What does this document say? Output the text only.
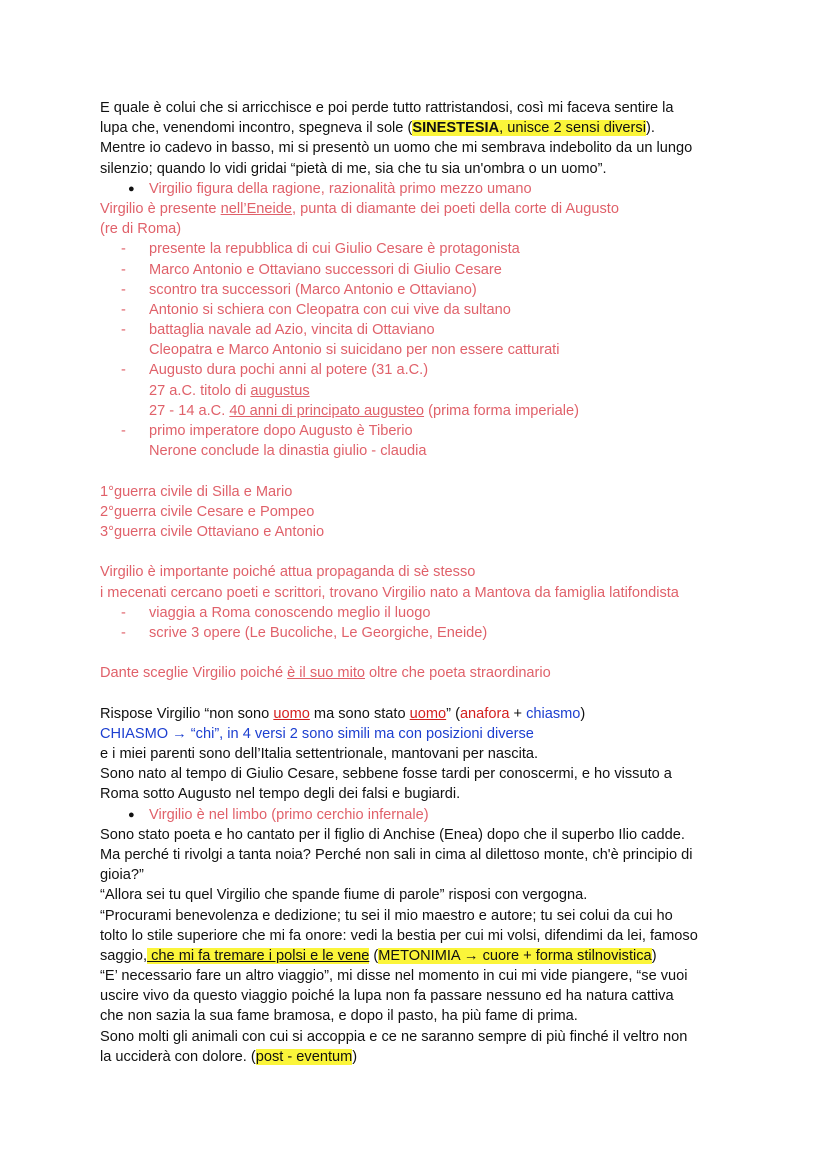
E quale è colui che si arricchisce e poi perde tutto rattristandosi, così mi faceva sentire la
lupa che, venendomi incontro, spegneva il sole (SINESTESIA, unisce 2 sensi diversi).
Mentre io cadevo in basso, mi si presentò un uomo che mi sembrava indebolito da un lungo
silenzio; quando lo vidi gridai “pietà di me, sia che tu sia un'ombra o un uomo”.
● Virgilio figura della ragione, razionalità primo mezzo umano
Virgilio è presente nell’Eneide, punta di diamante dei poeti della corte di Augusto
(re di Roma)
- presente la repubblica di cui Giulio Cesare è protagonista
- Marco Antonio e Ottaviano successori di Giulio Cesare
- scontro tra successori (Marco Antonio e Ottaviano)
- Antonio si schiera con Cleopatra con cui vive da sultano
- battaglia navale ad Azio, vincita di Ottaviano
Cleopatra e Marco Antonio si suicidano per non essere catturati
- Augusto dura pochi anni al potere (31 a.C.)
27 a.C. titolo di augustus
27 - 14 a.C. 40 anni di principato augusteo (prima forma imperiale)
- primo imperatore dopo Augusto è Tiberio
Nerone conclude la dinastia giulio - claudia
1°guerra civile di Silla e Mario
2°guerra civile Cesare e Pompeo
3°guerra civile Ottaviano e Antonio
Virgilio è importante poiché attua propaganda di sè stesso
i mecenati cercano poeti e scrittori, trovano Virgilio nato a Mantova da famiglia latifondista
- viaggia a Roma conoscendo meglio il luogo
- scrive 3 opere (Le Bucoliche, Le Georgiche, Eneide)
Dante sceglie Virgilio poiché è il suo mito oltre che poeta straordinario
Rispose Virgilio “non sono uomo ma sono stato uomo” (anafora + chiasmo)
CHIASMO → “chi”, in 4 versi 2 sono simili ma con posizioni diverse
e i miei parenti sono dell’Italia settentrionale, mantovani per nascita.
Sono nato al tempo di Giulio Cesare, sebbene fosse tardi per conoscermi, e ho vissuto a
Roma sotto Augusto nel tempo degli dei falsi e bugiardi.
● Virgilio è nel limbo (primo cerchio infernale)
Sono stato poeta e ho cantato per il figlio di Anchise (Enea) dopo che il superbo Ilio cadde.
Ma perché ti rivolgi a tanta noia? Perché non sali in cima al dilettoso monte, ch'è principio di
gioia?”
“Allora sei tu quel Virgilio che spande fiume di parole” risposi con vergogna.
“Procurami benevolenza e dedizione; tu sei il mio maestro e autore; tu sei colui da cui ho
tolto lo stile superiore che mi fa onore: vedi la bestia per cui mi volsi, difendimi da lei, famoso
saggio, che mi fa tremare i polsi e le vene (METONIMIA → cuore + forma stilnovistica)
“E’ necessario fare un altro viaggio”, mi disse nel momento in cui mi vide piangere, “se vuoi
uscire vivo da questo viaggio poiché la lupa non fa passare nessuno ed ha natura cattiva
che non sazia la sua fame bramosa, e dopo il pasto, ha più fame di prima.
Sono molti gli animali con cui si accoppia e ce ne saranno sempre di più finché il veltro non
la ucciderà con dolore. (post - eventum)
